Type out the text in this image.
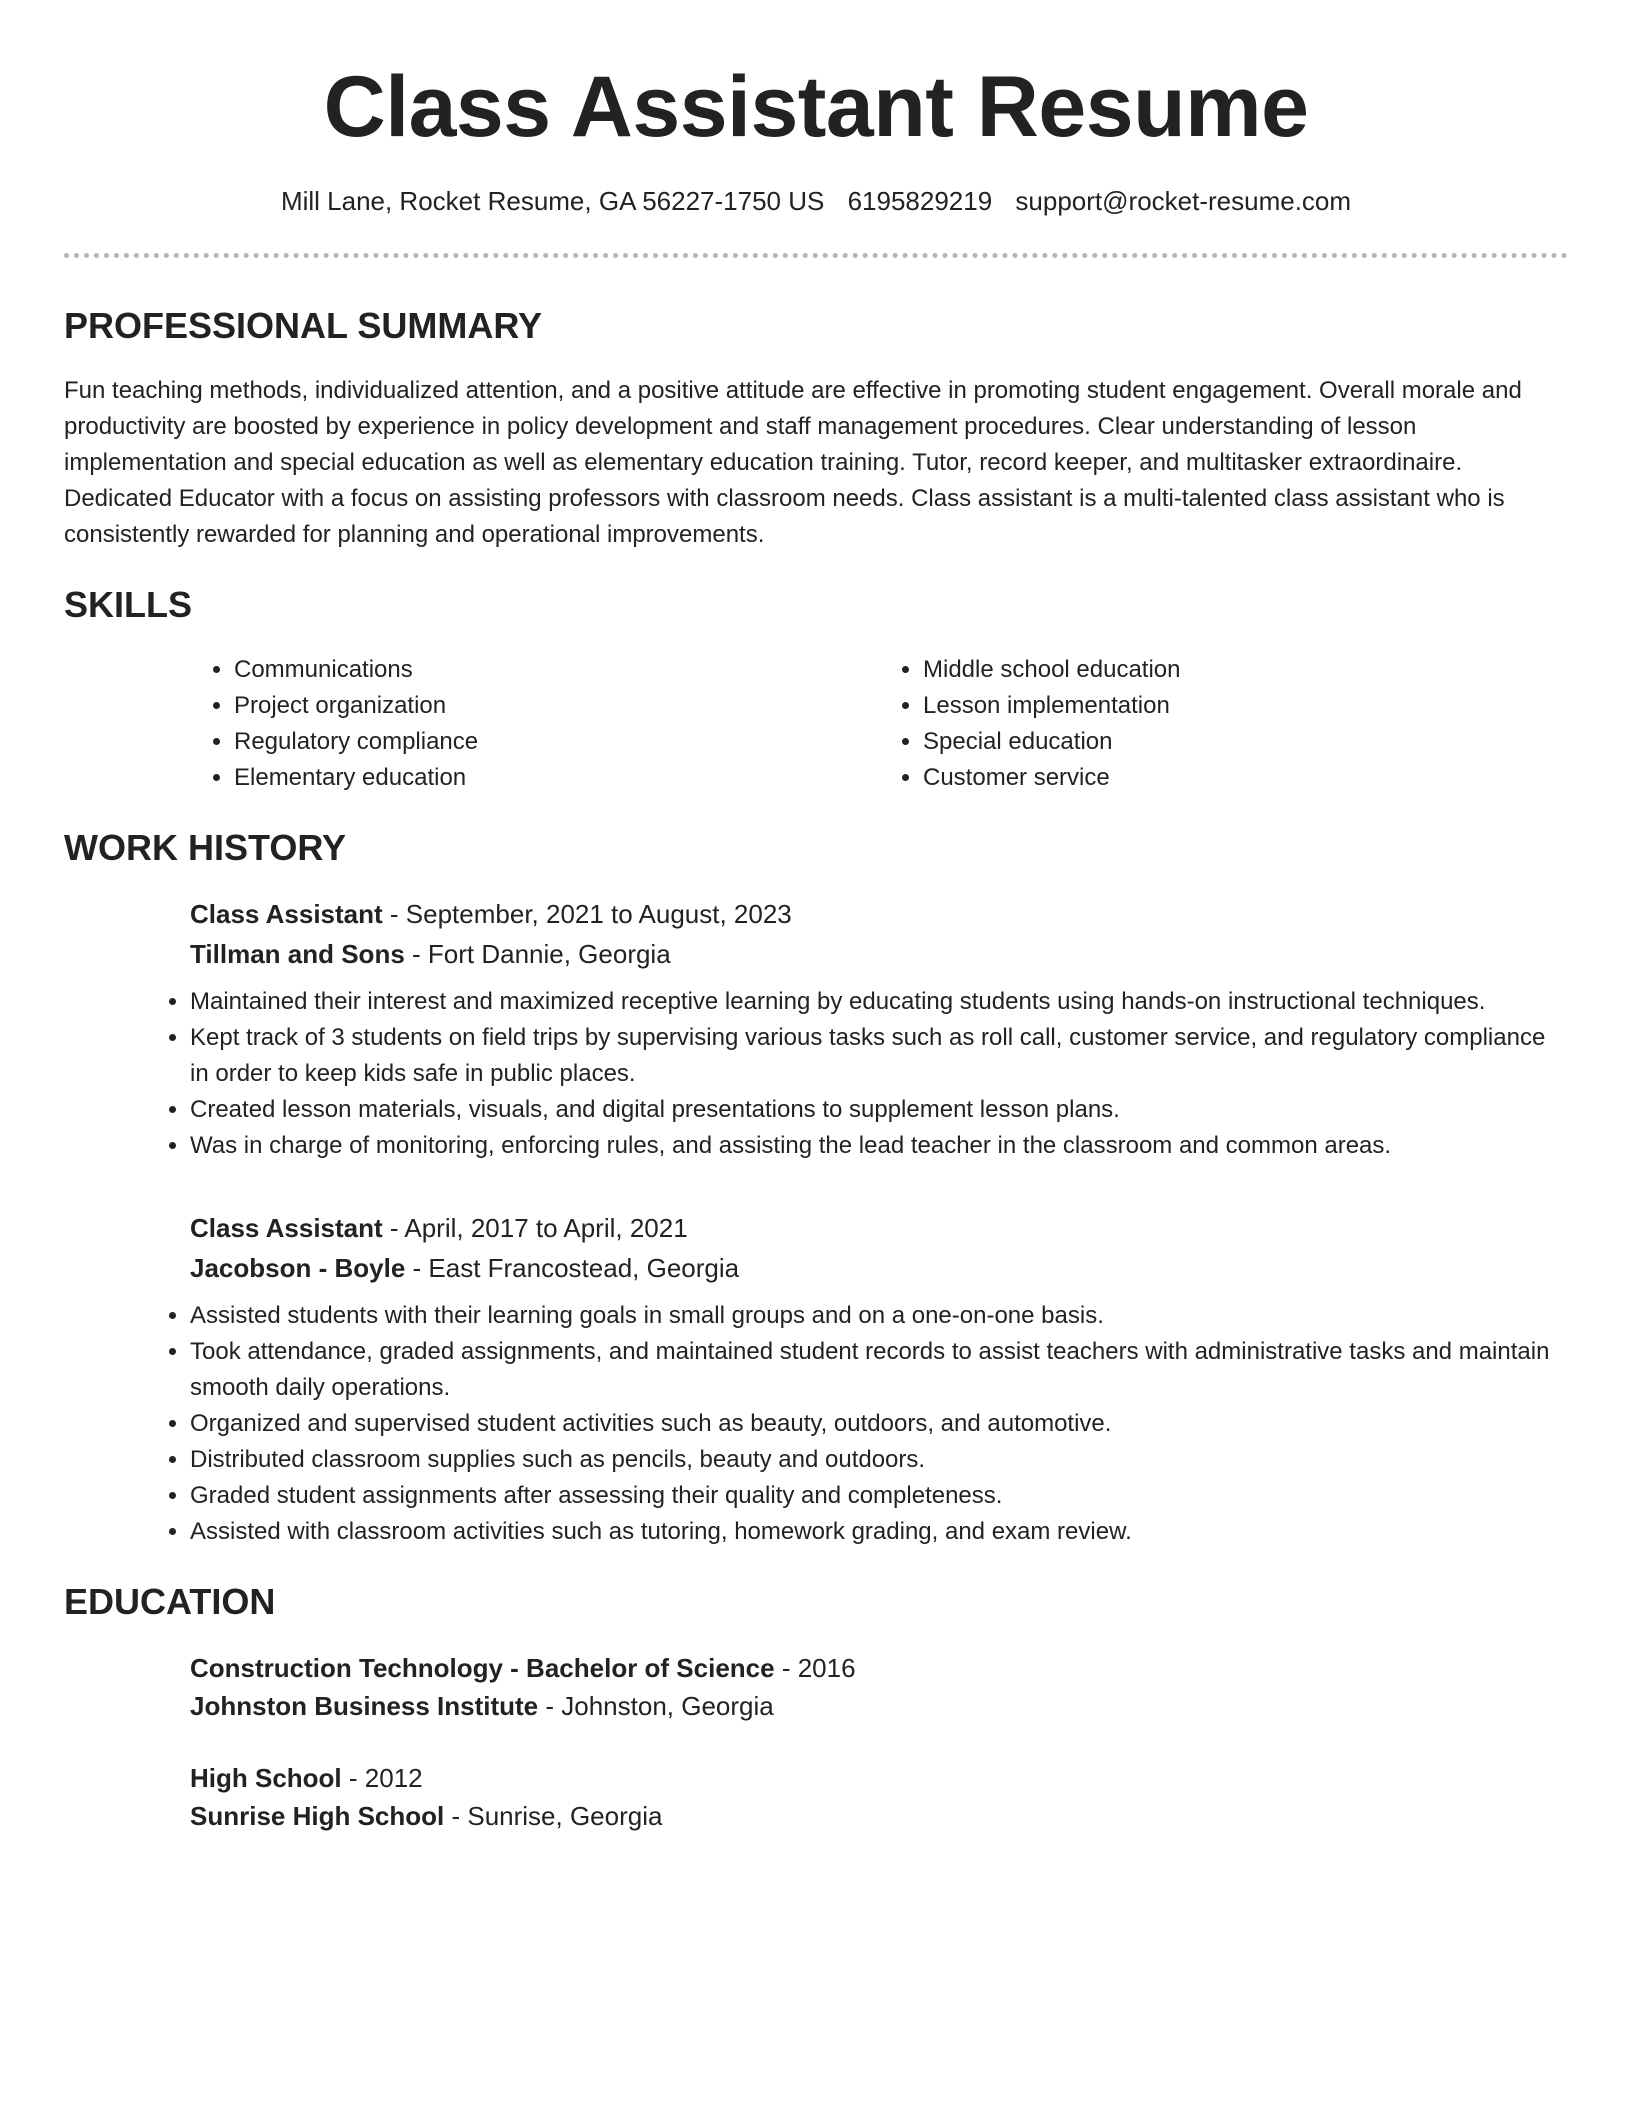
Class Assistant Resume
Mill Lane, Rocket Resume, GA 56227-1750 US 6195829219 support@rocket-resume.com
PROFESSIONAL SUMMARY

Fun teaching methods, individualized attention, and a positive attitude are effective in promoting student engagement. Overall morale and productivity are boosted by experience in policy development and staff management procedures. Clear understanding of lesson implementation and special education as well as elementary education training. Tutor, record keeper, and multitasker extraordinaire. Dedicated Educator with a focus on assisting professors with classroom needs. Class assistant is a multi-talented class assistant who is consistently rewarded for planning and operational improvements.

SKILLS
• Communications
• Project organization
• Regulatory compliance
• Elementary education
• Middle school education
• Lesson implementation
• Special education
• Customer service
WORK HISTORY
Class Assistant - September, 2021 to August, 2023
Tillman and Sons - Fort Dannie, Georgia
• Maintained their interest and maximized receptive learning by educating students using hands-on instructional techniques.
• Kept track of 3 students on field trips by supervising various tasks such as roll call, customer service, and regulatory compliance in order to keep kids safe in public places.
• Created lesson materials, visuals, and digital presentations to supplement lesson plans.
• Was in charge of monitoring, enforcing rules, and assisting the lead teacher in the classroom and common areas.
Class Assistant - April, 2017 to April, 2021
Jacobson - Boyle - East Francostead, Georgia
• Assisted students with their learning goals in small groups and on a one-on-one basis.
• Took attendance, graded assignments, and maintained student records to assist teachers with administrative tasks and maintain smooth daily operations.
• Organized and supervised student activities such as beauty, outdoors, and automotive.
• Distributed classroom supplies such as pencils, beauty and outdoors.
• Graded student assignments after assessing their quality and completeness.
• Assisted with classroom activities such as tutoring, homework grading, and exam review.
EDUCATION
Construction Technology - Bachelor of Science - 2016
Johnston Business Institute - Johnston, Georgia
High School - 2012
Sunrise High School - Sunrise, Georgia
